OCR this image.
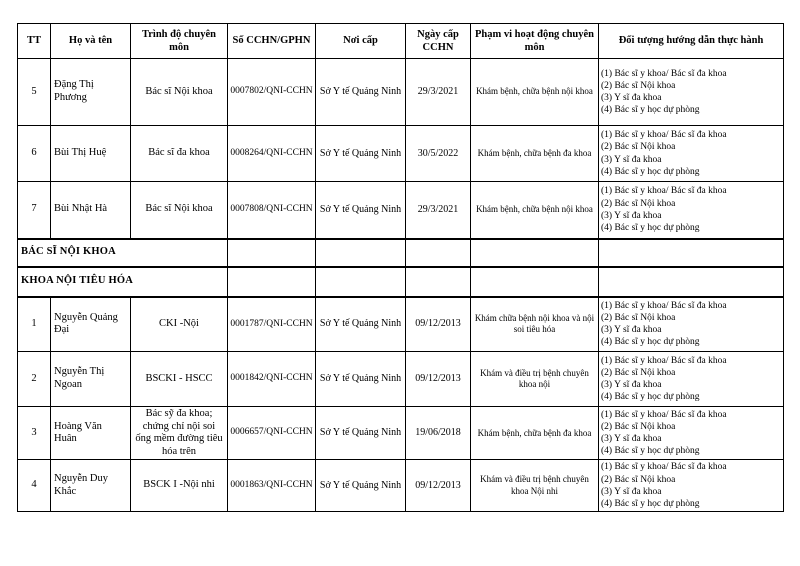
TT	Họ và tên	Trình độ chuyên môn	Số CCHN/GPHN	Nơi cấp	Ngày cấp CCHN	Phạm vi hoạt động chuyên môn	Đối tượng hướng dẫn thực hành
5	Đặng Thị Phương	Bác sĩ Nội khoa	0007802/QNI-CCHN	Sở Y tế Quảng Ninh	29/3/2021	Khám bệnh, chữa bệnh nội khoa	(1) Bác sĩ y khoa/ Bác sĩ đa khoa
(2) Bác sĩ Nội khoa
(3) Y sĩ đa khoa
(4) Bác sĩ y học dự phòng

6	Bùi Thị Huệ	Bác sĩ đa khoa	0008264/QNI-CCHN	Sở Y tế Quảng Ninh	30/5/2022	Khám bệnh, chữa bệnh đa khoa	(1) Bác sĩ y khoa/ Bác sĩ đa khoa
(2) Bác sĩ Nội khoa
(3) Y sĩ đa khoa
(4) Bác sĩ y học dự phòng

7	Bùi Nhật Hà	Bác sĩ Nội khoa	0007808/QNI-CCHN	Sở Y tế Quảng Ninh	29/3/2021	Khám bệnh, chữa bệnh nội khoa	(1) Bác sĩ y khoa/ Bác sĩ đa khoa
(2) Bác sĩ Nội khoa
(3) Y sĩ đa khoa
(4) Bác sĩ y học dự phòng

BÁC SĨ NỘI KHOA							
KHOA NỘI TIÊU HÓA							
1	Nguyễn Quảng Đại	CKI -Nội	0001787/QNI-CCHN	Sở Y tế Quảng Ninh	09/12/2013	Khám chữa bệnh nội khoa và nội soi tiêu hóa	(1) Bác sĩ y khoa/ Bác sĩ đa khoa
(2) Bác sĩ Nội khoa
(3) Y sĩ đa khoa
(4) Bác sĩ y học dự phòng

2	Nguyễn Thị Ngoan	BSCKI - HSCC	0001842/QNI-CCHN	Sở Y tế Quảng Ninh	09/12/2013	Khám và điều trị bệnh chuyên khoa nội	(1) Bác sĩ y khoa/ Bác sĩ đa khoa
(2) Bác sĩ Nội khoa
(3) Y sĩ đa khoa
(4) Bác sĩ y học dự phòng

3	Hoàng Văn Huân	Bác sỹ đa khoa; chứng chỉ nội soi ống mềm đường tiêu hóa trên	0006657/QNI-CCHN	Sở Y tế Quảng Ninh	19/06/2018	Khám bệnh, chữa bệnh đa khoa	(1) Bác sĩ y khoa/ Bác sĩ đa khoa
(2) Bác sĩ Nội khoa
(3) Y sĩ đa khoa
(4) Bác sĩ y học dự phòng

4	Nguyễn Duy Khắc	BSCK I -Nội nhi	0001863/QNI-CCHN	Sở Y tế Quảng Ninh	09/12/2013	Khám và điều trị bệnh chuyên khoa Nội nhi	(1) Bác sĩ y khoa/ Bác sĩ đa khoa
(2) Bác sĩ Nội khoa
(3) Y sĩ đa khoa
(4) Bác sĩ y học dự phòng
